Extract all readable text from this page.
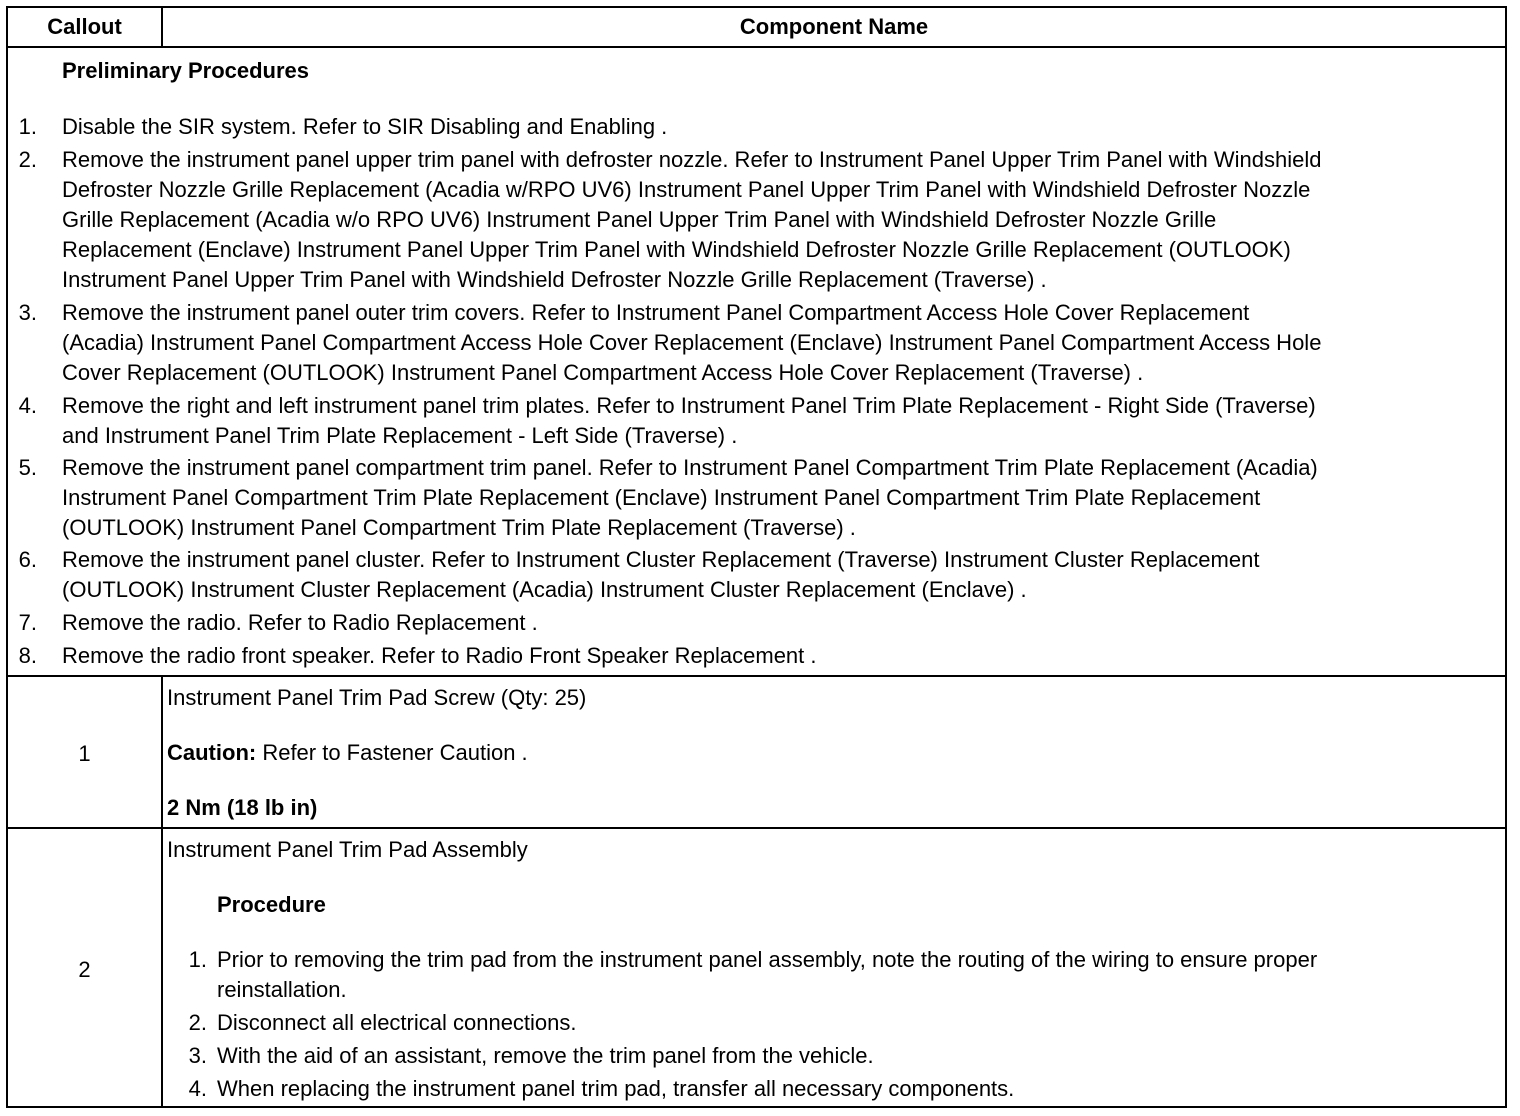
Callout	Component Name
Preliminary Procedures
1. Disable the SIR system. Refer to SIR Disabling and Enabling .
2. Remove the instrument panel upper trim panel with defroster nozzle. Refer to Instrument Panel Upper Trim Panel with Windshield
Defroster Nozzle Grille Replacement (Acadia w/RPO UV6) Instrument Panel Upper Trim Panel with Windshield Defroster Nozzle
Grille Replacement (Acadia w/o RPO UV6) Instrument Panel Upper Trim Panel with Windshield Defroster Nozzle Grille
Replacement (Enclave) Instrument Panel Upper Trim Panel with Windshield Defroster Nozzle Grille Replacement (OUTLOOK)
Instrument Panel Upper Trim Panel with Windshield Defroster Nozzle Grille Replacement (Traverse) .
3. Remove the instrument panel outer trim covers. Refer to Instrument Panel Compartment Access Hole Cover Replacement
(Acadia) Instrument Panel Compartment Access Hole Cover Replacement (Enclave) Instrument Panel Compartment Access Hole
Cover Replacement (OUTLOOK) Instrument Panel Compartment Access Hole Cover Replacement (Traverse) .
4. Remove the right and left instrument panel trim plates. Refer to Instrument Panel Trim Plate Replacement - Right Side (Traverse)
and Instrument Panel Trim Plate Replacement - Left Side (Traverse) .
5. Remove the instrument panel compartment trim panel. Refer to Instrument Panel Compartment Trim Plate Replacement (Acadia)
Instrument Panel Compartment Trim Plate Replacement (Enclave) Instrument Panel Compartment Trim Plate Replacement
(OUTLOOK) Instrument Panel Compartment Trim Plate Replacement (Traverse) .
6. Remove the instrument panel cluster. Refer to Instrument Cluster Replacement (Traverse) Instrument Cluster Replacement
(OUTLOOK) Instrument Cluster Replacement (Acadia) Instrument Cluster Replacement (Enclave) .
7. Remove the radio. Refer to Radio Replacement .
8. Remove the radio front speaker. Refer to Radio Front Speaker Replacement .
1
Instrument Panel Trim Pad Screw (Qty: 25)
Caution: Refer to Fastener Caution .
2 Nm (18 lb in)
2
Instrument Panel Trim Pad Assembly
Procedure
1. Prior to removing the trim pad from the instrument panel assembly, note the routing of the wiring to ensure proper
reinstallation.
2. Disconnect all electrical connections.
3. With the aid of an assistant, remove the trim panel from the vehicle.
4. When replacing the instrument panel trim pad, transfer all necessary components.
